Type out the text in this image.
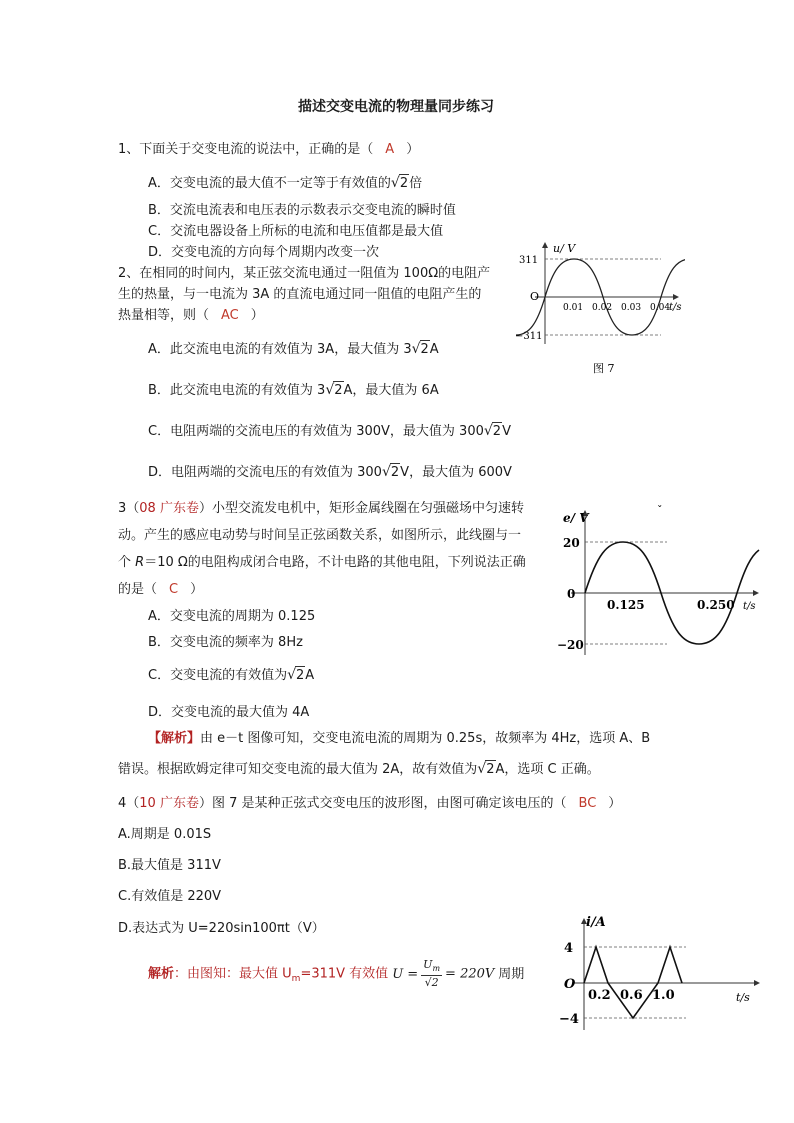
描述交变电流的物理量同步练习
1、下面关于交变电流的说法中，正确的是（ A ）
A．交变电流的最大值不一定等于有效值的√2倍
B．交流电流表和电压表的示数表示交变电流的瞬时值
C．交流电器设备上所标的电流和电压值都是最大值
D．交变电流的方向每个周期内改变一次
2、在相同的时间内，某正弦交流电通过一阻值为 100Ω的电阻产
生的热量，与一电流为 3A 的直流电通过同一阻值的电阻产生的
热量相等，则（ AC ）
A．此交流电电流的有效值为 3A，最大值为 3√2A
B．此交流电电流的有效值为 3√2A，最大值为 6A
C．电阻两端的交流电压的有效值为 300V，最大值为 300√2V
D．电阻两端的交流电压的有效值为 300√2V，最大值为 600V
u/ V
311
−311
O
0.01 0.02 0.03 0.04
t/s
图 7
3（08 广东卷）小型交流发电机中，矩形金属线圈在匀强磁场中匀速转
动。产生的感应电动势与时间呈正弦函数关系，如图所示，此线圈与一
个 R＝10 Ω的电阻构成闭合电路，不计电路的其他电阻，下列说法正确
的是（ C ）
A．交变电流的周期为 0.125
B．交变电流的频率为 8Hz
C．交变电流的有效值为√2A
D．交变电流的最大值为 4A
【解析】由 e－t 图像可知，交变电流电流的周期为 0.25s，故频率为 4Hz，选项 A、B
错误。根据欧姆定律可知交变电流的最大值为 2A，故有效值为√2A，选项 C 正确。
e/ V
20
0
−20
0.125	0.250 t/s
ˇ
4（10 广东卷）图 7 是某种正弦式交变电压的波形图，由图可确定该电压的（ BC ）
A.周期是 0.01S
B.最大值是 311V
C.有效值是 220V
D.表达式为 U=220sin100πt（V）
解析：由图知：最大值 $U_m=311V$ 有效值 $U = \frac{U_m}{√2} = 220V$ 周期
i/A
4
O
−4
0.2 0.6 1.0	t/s
